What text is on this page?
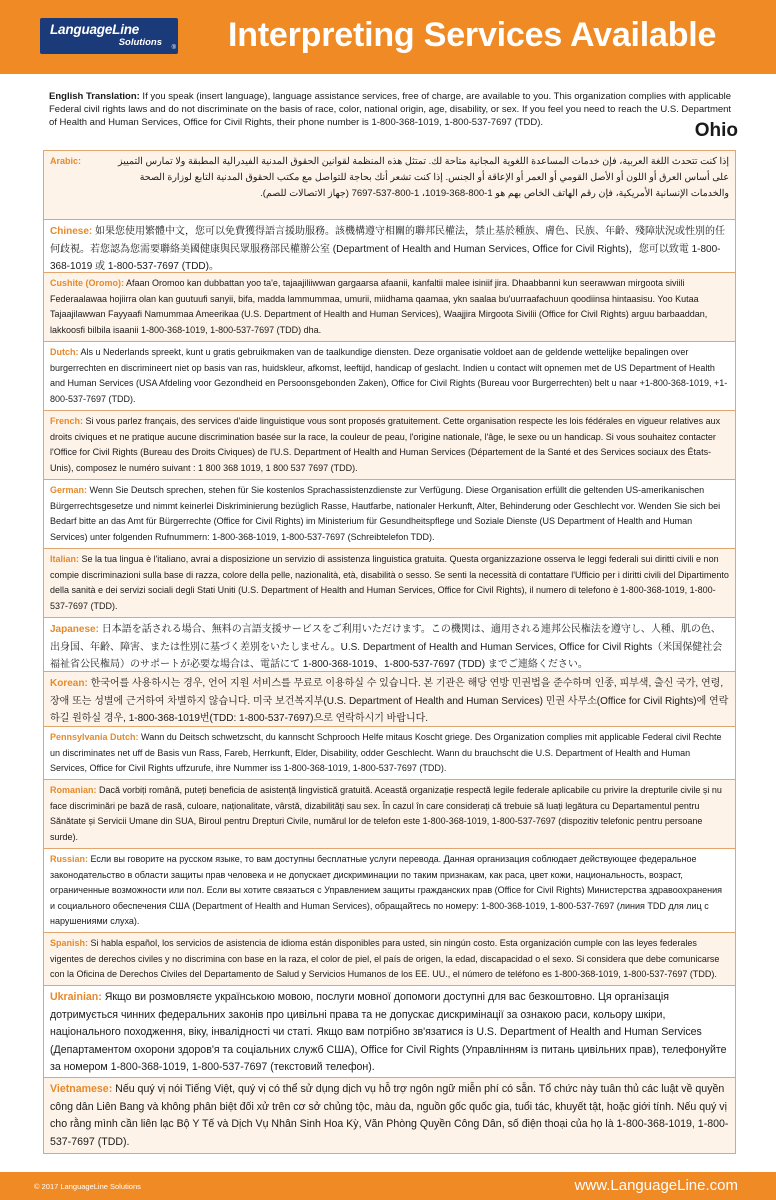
LanguageLine
Solutions	® Interpreting Services Available
English Translation: If you speak (insert language), language assistance services, free of charge, are available to you. This organization complies with applicable Federal civil rights laws and do not discriminate on the basis of race, color, national origin, age, disability, or sex. If you feel you need to reach the U.S. Department of Health and Human Services, Office for Civil Rights, their phone number is 1-800-368-1019, 1-800-537-7697 (TDD).	Ohio
Arabic:	إذا كنت تتحدث اللغة العربية، فإن خدمات المساعدة اللغوية المجانية متاحة لك. تمتثل هذه المنظمة لقوانين الحقوق المدنية الفيدرالية المطبقة ولا تمارس التمييز على أساس العرق أو اللون أو الأصل القومي أو العمر أو الإعاقة أو الجنس. إذا كنت تشعر أنك بحاجة للتواصل مع مكتب الحقوق المدنية التابع لوزارة الصحة والخدمات الإنسانية الأمريكية، فإن رقم الهاتف الخاص بهم هو 1-800-368-1019، 1-800-537-7697 (جهاز الاتصالات للصم).
Chinese: 如果您使用繁體中文，您可以免費獲得語言援助服務。該機構遵守相關的聯邦民權法，禁止基於種族、膚色、民族、年齡、殘障狀況或性別的任何歧視。若您認為您需要聯絡美國健康與民眾服務部民權辦公室 (Department of Health and Human Services, Office for Civil Rights)，您可以致電 1-800-368-1019 或 1-800-537-7697 (TDD)。
Cushite (Oromo): Afaan Oromoo kan dubbattan yoo ta'e, tajaajiliiwwan gargaarsa afaanii, kanfaltii malee isiniif jira. Dhaabbanni kun seerawwan mirgoota siviili Federaalawaa hojiirra olan kan guutuufi sanyii, bifa, madda lammummaa, umurii, miidhama qaamaa, ykn saalaa bu'uurraafachuun qoodiinsa hintaasisu. Yoo Kutaa Tajaajilawwan Fayyaafi Namummaa Ameerikaa (U.S. Department of Health and Human Services), Waajjira Mirgoota Sivilii (Office for Civil Rights) arguu barbaaddan, lakkoosfi bilbila isaanii 1-800-368-1019, 1-800-537-7697 (TDD) dha.
Dutch: Als u Nederlands spreekt, kunt u gratis gebruikmaken van de taalkundige diensten. Deze organisatie voldoet aan de geldende wettelijke bepalingen over burgerrechten en discrimineert niet op basis van ras, huidskleur, afkomst, leeftijd, handicap of geslacht. Indien u contact wilt opnemen met de US Department of Health and Human Services (USA Afdeling voor Gezondheid en Persoonsgebonden Zaken), Office for Civil Rights (Bureau voor Burgerrechten) belt u naar +1-800-368-1019, +1-800-537-7697 (TDD).
French: Si vous parlez français, des services d'aide linguistique vous sont proposés gratuitement. Cette organisation respecte les lois fédérales en vigueur relatives aux droits civiques et ne pratique aucune discrimination basée sur la race, la couleur de peau, l'origine nationale, l'âge, le sexe ou un handicap. Si vous souhaitez contacter l'Office for Civil Rights (Bureau des Droits Civiques) de l'U.S. Department of Health and Human Services (Département de la Santé et des Services sociaux des États-Unis), composez le numéro suivant : 1 800 368 1019, 1 800 537 7697 (TDD).
German: Wenn Sie Deutsch sprechen, stehen für Sie kostenlos Sprachassistenzdienste zur Verfügung. Diese Organisation erfüllt die geltenden US-amerikanischen Bürgerrechtsgesetze und nimmt keinerlei Diskriminierung bezüglich Rasse, Hautfarbe, nationaler Herkunft, Alter, Behinderung oder Geschlecht vor. Wenden Sie sich bei Bedarf bitte an das Amt für Bürgerrechte (Office for Civil Rights) im Ministerium für Gesundheitspflege und Soziale Dienste (US Department of Health and Human Services) unter folgenden Rufnummern: 1-800-368-1019, 1-800-537-7697 (Schreibtelefon TDD).
Italian: Se la tua lingua è l'italiano, avrai a disposizione un servizio di assistenza linguistica gratuita. Questa organizzazione osserva le leggi federali sui diritti civili e non compie discriminazioni sulla base di razza, colore della pelle, nazionalità, età, disabilità o sesso. Se senti la necessità di contattare l'Ufficio per i diritti civili del Dipartimento della sanità e dei servizi sociali degli Stati Uniti (U.S. Department of Health and Human Services, Office for Civil Rights), il numero di telefono è 1-800-368-1019, 1-800-537-7697 (TDD).
Japanese: 日本語を話される場合、無料の言語支援サービスをご利用いただけます。この機関は、適用される連邦公民権法を遵守し、人種、肌の色、出身国、年齢、障害、または性別に基づく差別をいたしません。U.S. Department of Health and Human Services, Office for Civil Rights（米国保健社会福祉省公民権局）のサポートが必要な場合は、電話にて 1-800-368-1019、1-800-537-7697 (TDD) までご連絡ください。
Korean: 한국어를 사용하시는 경우, 언어 지원 서비스를 무료로 이용하실 수 있습니다. 본 기관은 해당 연방 민권법을 준수하며 인종, 피부색, 출신 국가, 연령, 장애 또는 성별에 근거하여 차별하지 않습니다. 미국 보건복지부(U.S. Department of Health and Human Services) 민권 사무소(Office for Civil Rights)에 연락하길 원하실 경우, 1-800-368-1019번(TDD: 1-800-537-7697)으로 연락하시기 바랍니다.
Pennsylvania Dutch: Wann du Deitsch schwetzscht, du kannscht Schprooch Helfe mitaus Koscht griege. Des Organization complies mit applicable Federal civil Rechte un discriminates net uff de Basis vun Rass, Fareb, Herrkunft, Elder, Disability, odder Geschlecht. Wann du brauchscht die U.S. Department of Health and Human Services, Office for Civil Rights uffzurufe, ihre Nummer iss 1-800-368-1019, 1-800-537-7697 (TDD).
Romanian: Dacă vorbiți română, puteți beneficia de asistență lingvistică gratuită. Această organizație respectă legile federale aplicabile cu privire la drepturile civile și nu face discriminări pe bază de rasă, culoare, naționalitate, vârstă, dizabilități sau sex. În cazul în care considerați că trebuie să luați legătura cu Departamentul pentru Sănătate și Servicii Umane din SUA, Biroul pentru Drepturi Civile, numărul lor de telefon este 1-800-368-1019, 1-800-537-7697 (dispozitiv telefonic pentru persoane surde).
Russian: Если вы говорите на русском языке, то вам доступны бесплатные услуги перевода. Данная организация соблюдает действующее федеральное законодательство в области защиты прав человека и не допускает дискриминации по таким признакам, как раса, цвет кожи, национальность, возраст, ограниченные возможности или пол. Если вы хотите связаться с Управлением защиты гражданских прав (Office for Civil Rights) Министерства здравоохранения и социального обеспечения США (Department of Health and Human Services), обращайтесь по номеру: 1-800-368-1019, 1-800-537-7697 (линия TDD для лиц с нарушениями слуха).
Spanish: Si habla español, los servicios de asistencia de idioma están disponibles para usted, sin ningún costo. Esta organización cumple con las leyes federales vigentes de derechos civiles y no discrimina con base en la raza, el color de piel, el país de origen, la edad, discapacidad o el sexo. Si considera que debe comunicarse con la Oficina de Derechos Civiles del Departamento de Salud y Servicios Humanos de los EE. UU., el número de teléfono es 1-800-368-1019, 1-800-537-7697 (TDD).
Ukrainian: Якщо ви розмовляєте українською мовою, послуги мовної допомоги доступні для вас безкоштовно. Ця організація дотримується чинних федеральних законів про цивільні права та не допускає дискримінації за ознакою раси, кольору шкіри, національного походження, віку, інвалідності чи статі. Якщо вам потрібно зв'язатися із U.S. Department of Health and Human Services (Департаментом охорони здоров'я та соціальних служб США), Office for Civil Rights (Управлінням із питань цивільних прав), телефонуйте за номером 1-800-368-1019, 1-800-537-7697 (текстовий телефон).
Vietnamese: Nếu quý vị nói Tiếng Việt, quý vị có thể sử dụng dịch vụ hỗ trợ ngôn ngữ miễn phí có sẵn. Tổ chức này tuân thủ các luật về quyền công dân Liên Bang và không phân biệt đối xử trên cơ sở chủng tộc, màu da, nguồn gốc quốc gia, tuổi tác, khuyết tật, hoặc giới tính. Nếu quý vị cho rằng mình cần liên lạc Bộ Y Tế và Dịch Vụ Nhân Sinh Hoa Kỳ, Văn Phòng Quyền Công Dân, số điện thoại của họ là 1-800-368-1019, 1-800-537-7697 (TDD).
© 2017 LanguageLine Solutions	www.LanguageLine.com
